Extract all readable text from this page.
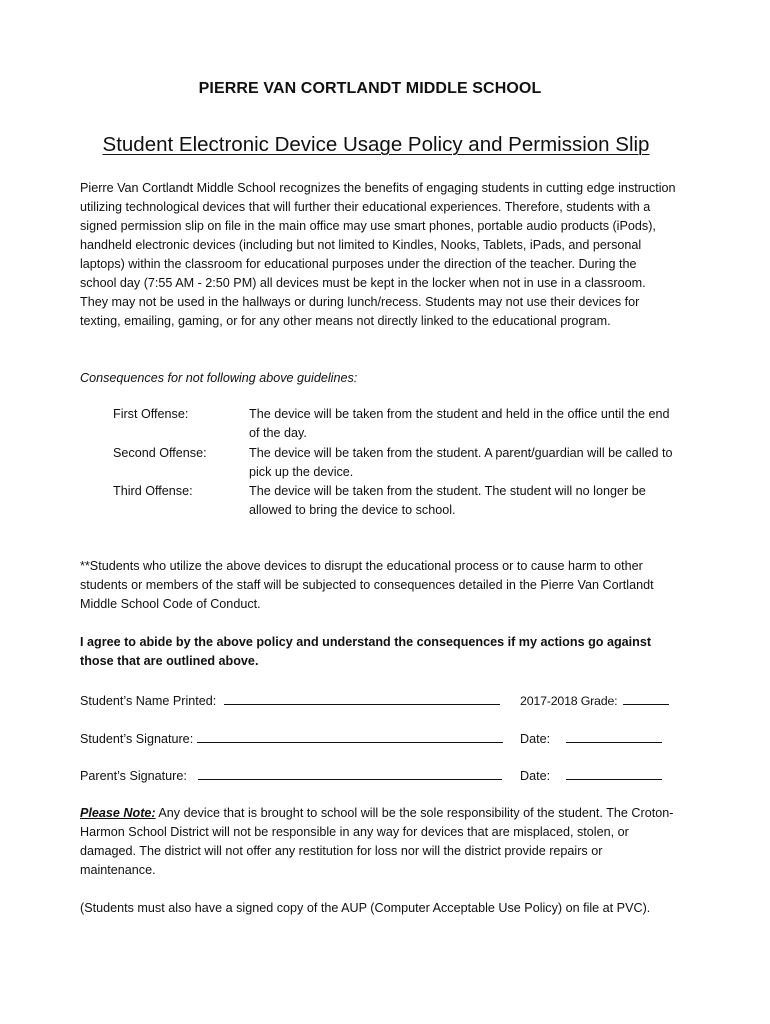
PIERRE VAN CORTLANDT MIDDLE SCHOOL
Student Electronic Device Usage Policy and Permission Slip

Pierre Van Cortlandt Middle School recognizes the benefits of engaging students in cutting edge instruction utilizing technological devices that will further their educational experiences. Therefore, students with a signed permission slip on file in the main office may use smart phones, portable audio products (iPods), handheld electronic devices (including but not limited to Kindles, Nooks, Tablets, iPads, and personal laptops) within the classroom for educational purposes under the direction of the teacher. During the school day (7:55 AM - 2:50 PM) all devices must be kept in the locker when not in use in a classroom. They may not be used in the hallways or during lunch/recess. Students may not use their devices for texting, emailing, gaming, or for any other means not directly linked to the educational program.

Consequences for not following above guidelines:
First Offense:	The device will be taken from the student and held in the office until the end of the day.
Second Offense:	The device will be taken from the student. A parent/guardian will be called to pick up the device.
Third Offense:	The device will be taken from the student. The student will no longer be allowed to bring the device to school.

**Students who utilize the above devices to disrupt the educational process or to cause harm to other students or members of the staff will be subjected to consequences detailed in the Pierre Van Cortlandt Middle School Code of Conduct.

I agree to abide by the above policy and understand the consequences if my actions go against those that are outlined above.

Student’s Name Printed:	2017-2018 Grade:
Student’s Signature:	Date:
Parent’s Signature:	Date:

Please Note: Any device that is brought to school will be the sole responsibility of the student. The Croton-Harmon School District will not be responsible in any way for devices that are misplaced, stolen, or damaged. The district will not offer any restitution for loss nor will the district provide repairs or maintenance.

(Students must also have a signed copy of the AUP (Computer Acceptable Use Policy) on file at PVC).
